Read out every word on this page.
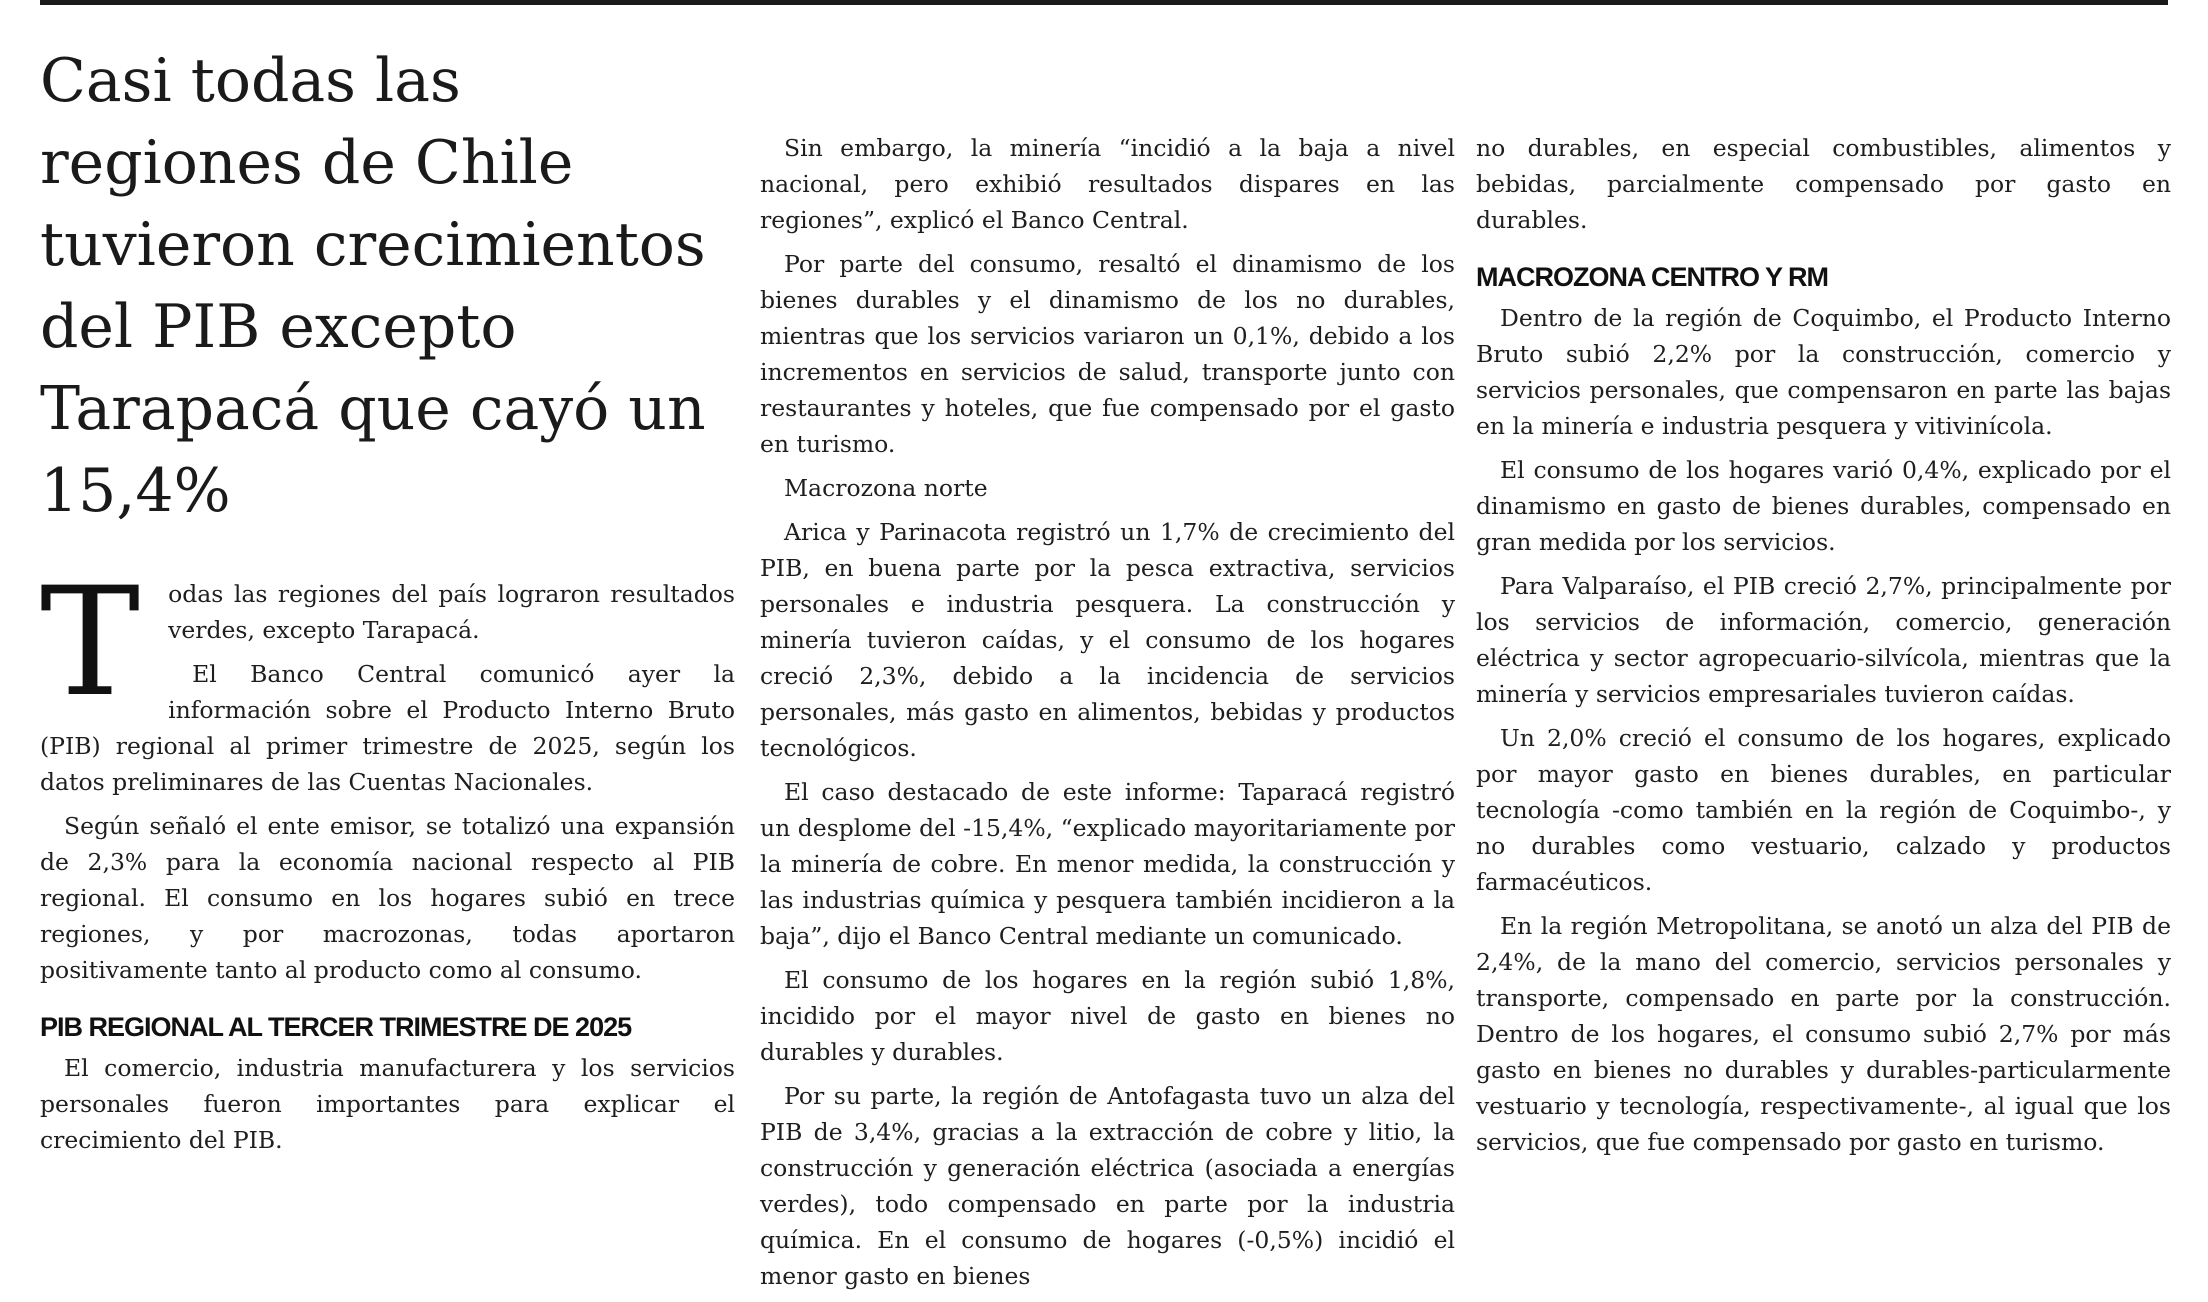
Casi todas las regiones de Chile tuvieron crecimientos del PIB excepto Tarapacá que cayó un 15,4%
T	odas las regiones del país lograron resultados verdes, excepto Tarapacá.

El Banco Central comunicó ayer la información sobre el Producto Interno Bruto (PIB) regional al primer trimestre de 2025, según los datos preliminares de las Cuentas Nacionales.

Según señaló el ente emisor, se totalizó una expansión de 2,3% para la economía nacional respecto al PIB regional. El consumo en los hogares subió en trece regiones, y por macrozonas, todas aportaron positivamente tanto al producto como al consumo.

PIB REGIONAL AL TERCER TRIMESTRE DE 2025

El comercio, industria manufacturera y los servicios personales fueron importantes para explicar el crecimiento del PIB.

Sin embargo, la minería “incidió a la baja a nivel nacional, pero exhibió resultados dispares en las regiones”, explicó el Banco Central.

Por parte del consumo, resaltó el dinamismo de los bienes durables y el dinamismo de los no durables, mientras que los servicios variaron un 0,1%, debido a los incrementos en servicios de salud, transporte junto con restaurantes y hoteles, que fue compensado por el gasto en turismo.

Macrozona norte

Arica y Parinacota registró un 1,7% de crecimiento del PIB, en buena parte por la pesca extractiva, servicios personales e industria pesquera. La construcción y minería tuvieron caídas, y el consumo de los hogares creció 2,3%, debido a la incidencia de servicios personales, más gasto en alimentos, bebidas y productos tecnológicos.

El caso destacado de este informe: Taparacá registró un desplome del -15,4%, “explicado mayoritariamente por la minería de cobre. En menor medida, la construcción y las industrias química y pesquera también incidieron a la baja”, dijo el Banco Central mediante un comunicado.

El consumo de los hogares en la región subió 1,8%, incidido por el mayor nivel de gasto en bienes no durables y durables.

Por su parte, la región de Antofagasta tuvo un alza del PIB de 3,4%, gracias a la extracción de cobre y litio, la construcción y generación eléctrica (asociada a energías verdes), todo compensado en parte por la industria química. En el consumo de hogares (-0,5%) incidió el menor gasto en bienes

no durables, en especial combustibles, alimentos y bebidas, parcialmente compensado por gasto en durables.

MACROZONA CENTRO Y RM

Dentro de la región de Coquimbo, el Producto Interno Bruto subió 2,2% por la construcción, comercio y servicios personales, que compensaron en parte las bajas en la minería e industria pesquera y vitivinícola.

El consumo de los hogares varió 0,4%, explicado por el dinamismo en gasto de bienes durables, compensado en gran medida por los servicios.

Para Valparaíso, el PIB creció 2,7%, principalmente por los servicios de información, comercio, generación eléctrica y sector agropecuario-silvícola, mientras que la minería y servicios empresariales tuvieron caídas.

Un 2,0% creció el consumo de los hogares, explicado por mayor gasto en bienes durables, en particular tecnología -como también en la región de Coquimbo-, y no durables como vestuario, calzado y productos farmacéuticos.

En la región Metropolitana, se anotó un alza del PIB de 2,4%, de la mano del comercio, servicios personales y transporte, compensado en parte por la construcción. Dentro de los hogares, el consumo subió 2,7% por más gasto en bienes no durables y durables-particularmente vestuario y tecnología, respectivamente-, al igual que los servicios, que fue compensado por gasto en turismo.
